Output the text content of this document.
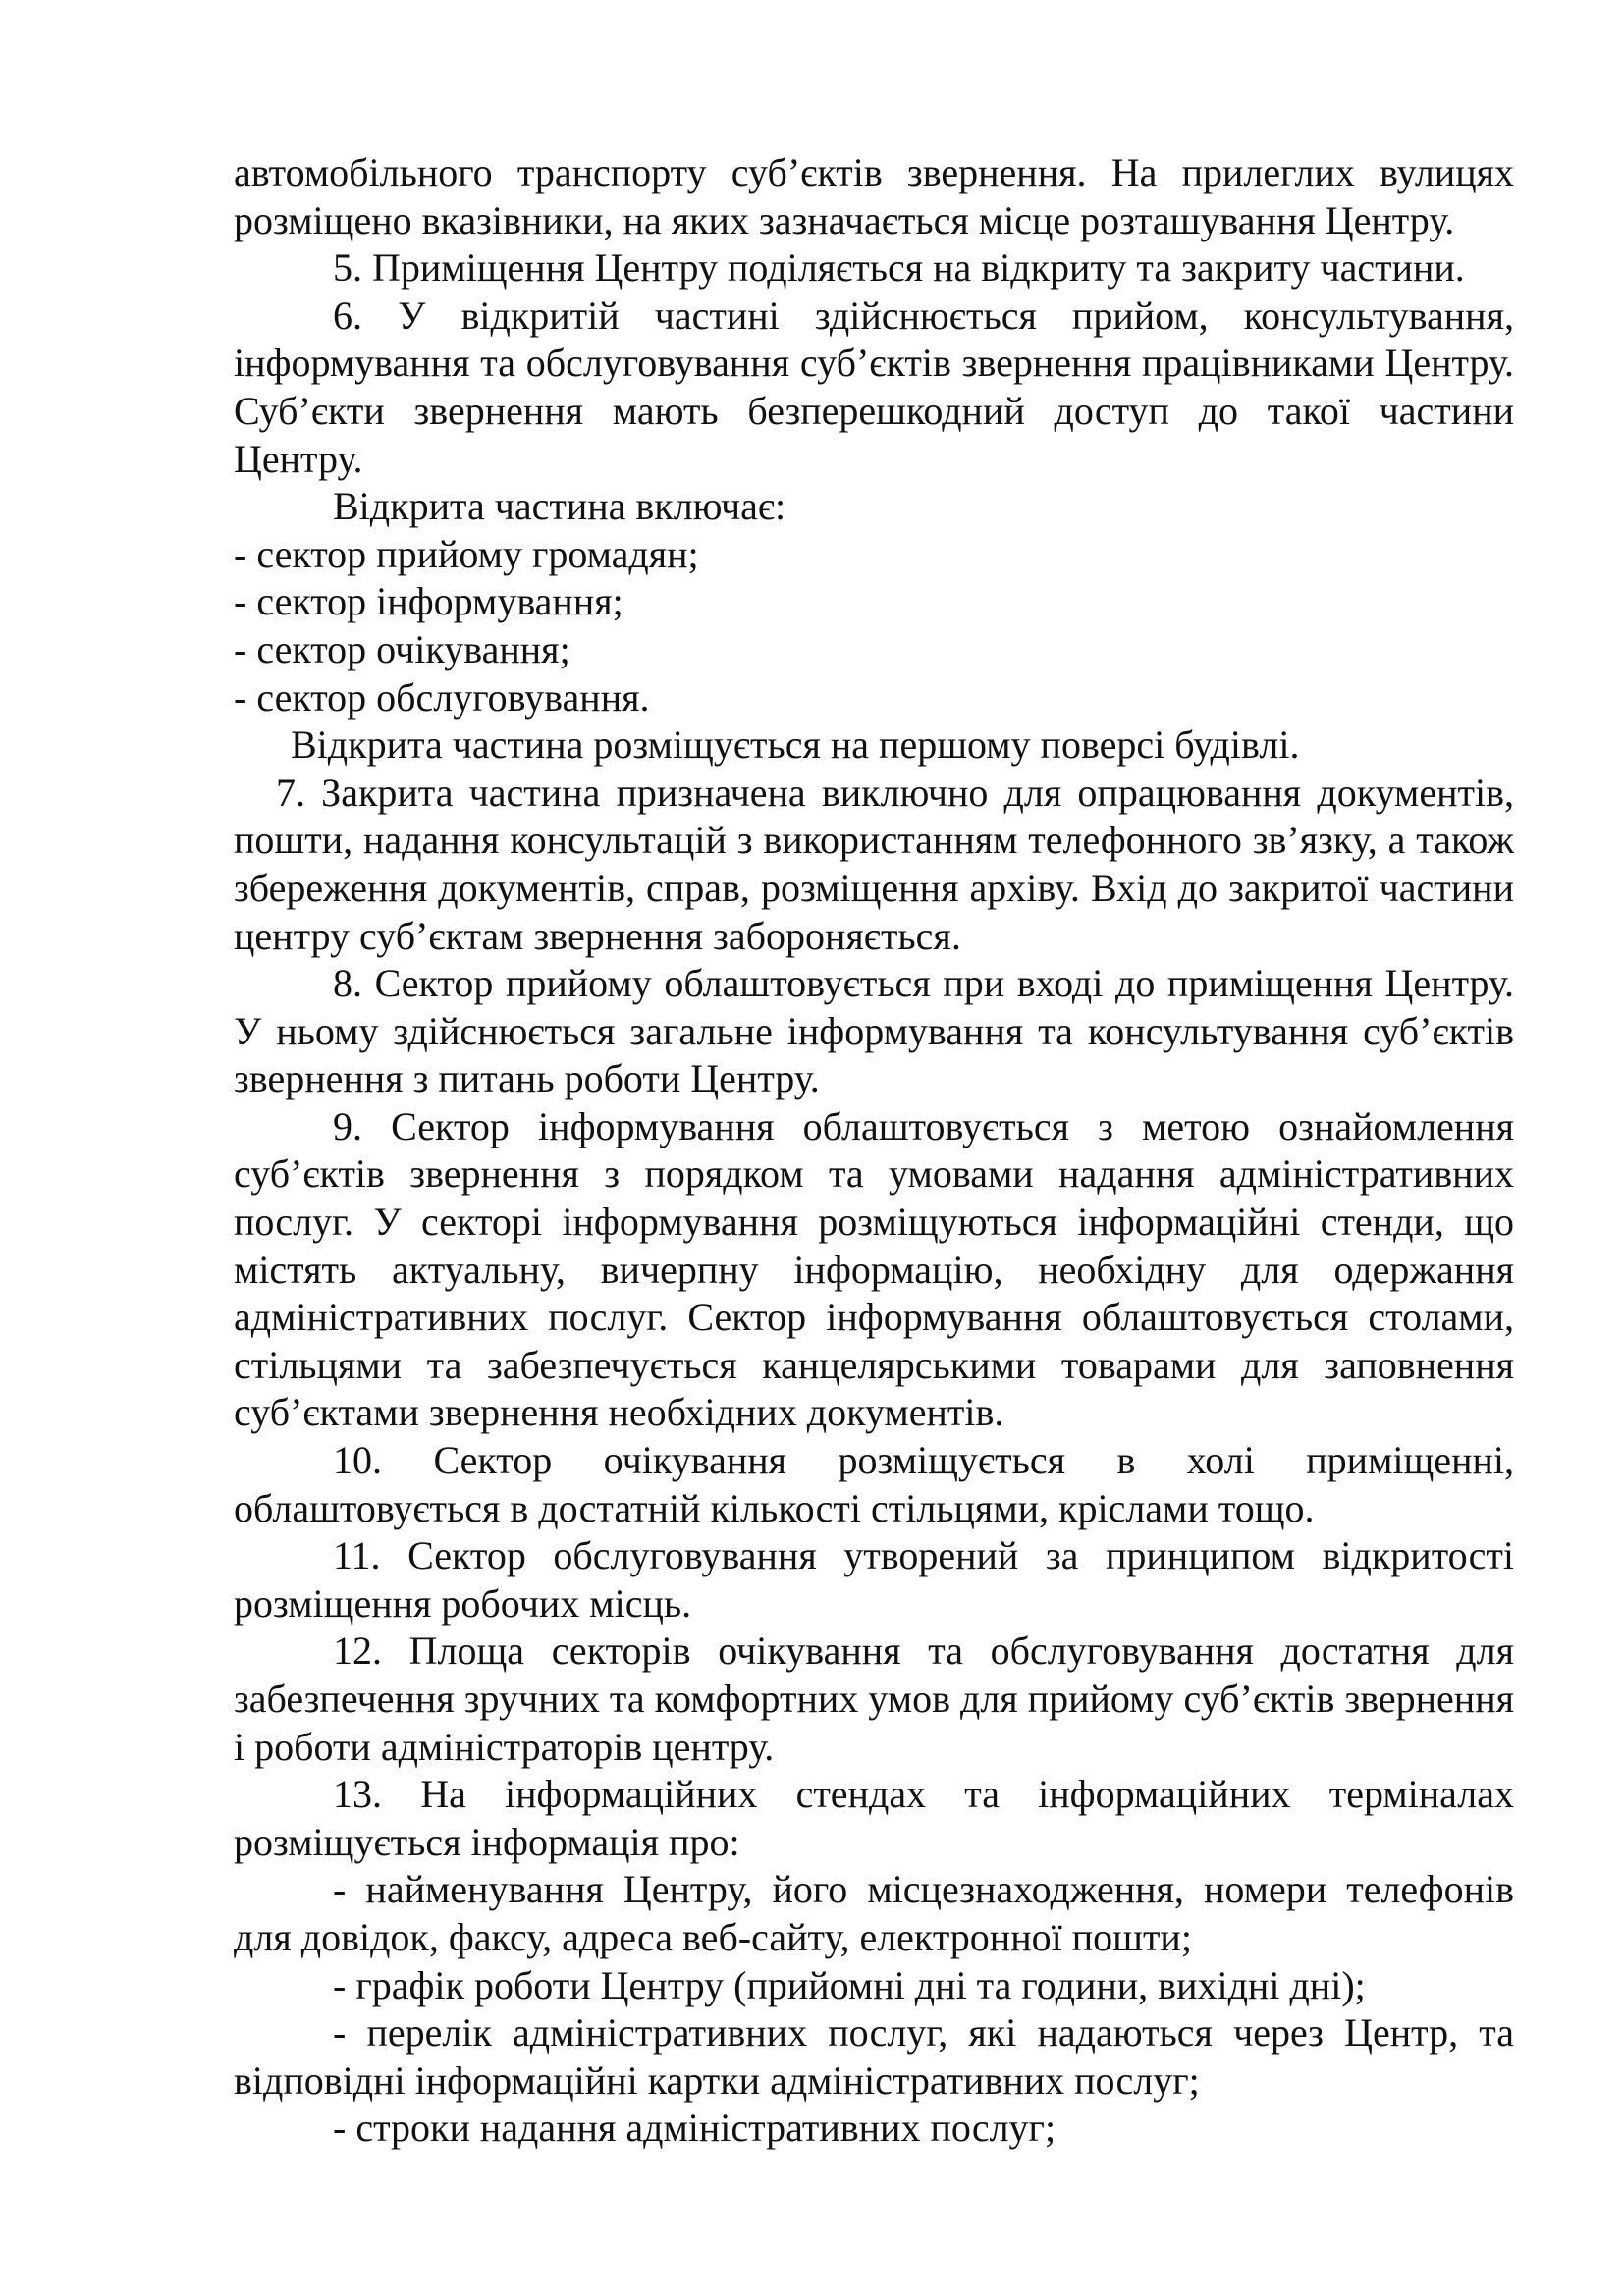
автомобільного транспорту суб’єктів звернення. На прилеглих вулицях розміщено вказівники, на яких зазначається місце розташування Центру.

5. Приміщення Центру поділяється на відкриту та закриту частини.

6. У відкритій частині здійснюється прийом, консультування, інформування та обслуговування суб’єктів звернення працівниками Центру. Суб’єкти звернення мають безперешкодний доступ до такої частини Центру.

Відкрита частина включає:

- сектор прийому громадян;

- сектор інформування;

- сектор очікування;

- сектор обслуговування.

Відкрита частина розміщується на першому поверсі будівлі.

7. Закрита частина призначена виключно для опрацювання документів, пошти, надання консультацій з використанням телефонного зв’язку, а також збереження документів, справ, розміщення архіву. Вхід до закритої частини центру суб’єктам звернення забороняється.

8. Сектор прийому облаштовується при вході до приміщення Центру. У ньому здійснюється загальне інформування та консультування суб’єктів звернення з питань роботи Центру.

9. Сектор інформування облаштовується з метою ознайомлення суб’єктів звернення з порядком та умовами надання адміністративних послуг. У секторі інформування розміщуються інформаційні стенди, що містять актуальну, вичерпну інформацію, необхідну для одержання адміністративних послуг. Сектор інформування облаштовується столами, стільцями та забезпечується канцелярськими товарами для заповнення суб’єктами звернення необхідних документів.

10. Сектор очікування розміщується в холі приміщенні, облаштовується в достатній кількості стільцями, кріслами тощо.

11. Сектор обслуговування утворений за принципом відкритості розміщення робочих місць.

12. Площа секторів очікування та обслуговування достатня для забезпечення зручних та комфортних умов для прийому суб’єктів звернення і роботи адміністраторів центру.

13. На інформаційних стендах та інформаційних терміналах розміщується інформація про:

- найменування Центру, його місцезнаходження, номери телефонів для довідок, факсу, адреса веб-сайту, електронної пошти;

- графік роботи Центру (прийомні дні та години, вихідні дні);

- перелік адміністративних послуг, які надаються через Центр, та відповідні інформаційні картки адміністративних послуг;

- строки надання адміністративних послуг;
